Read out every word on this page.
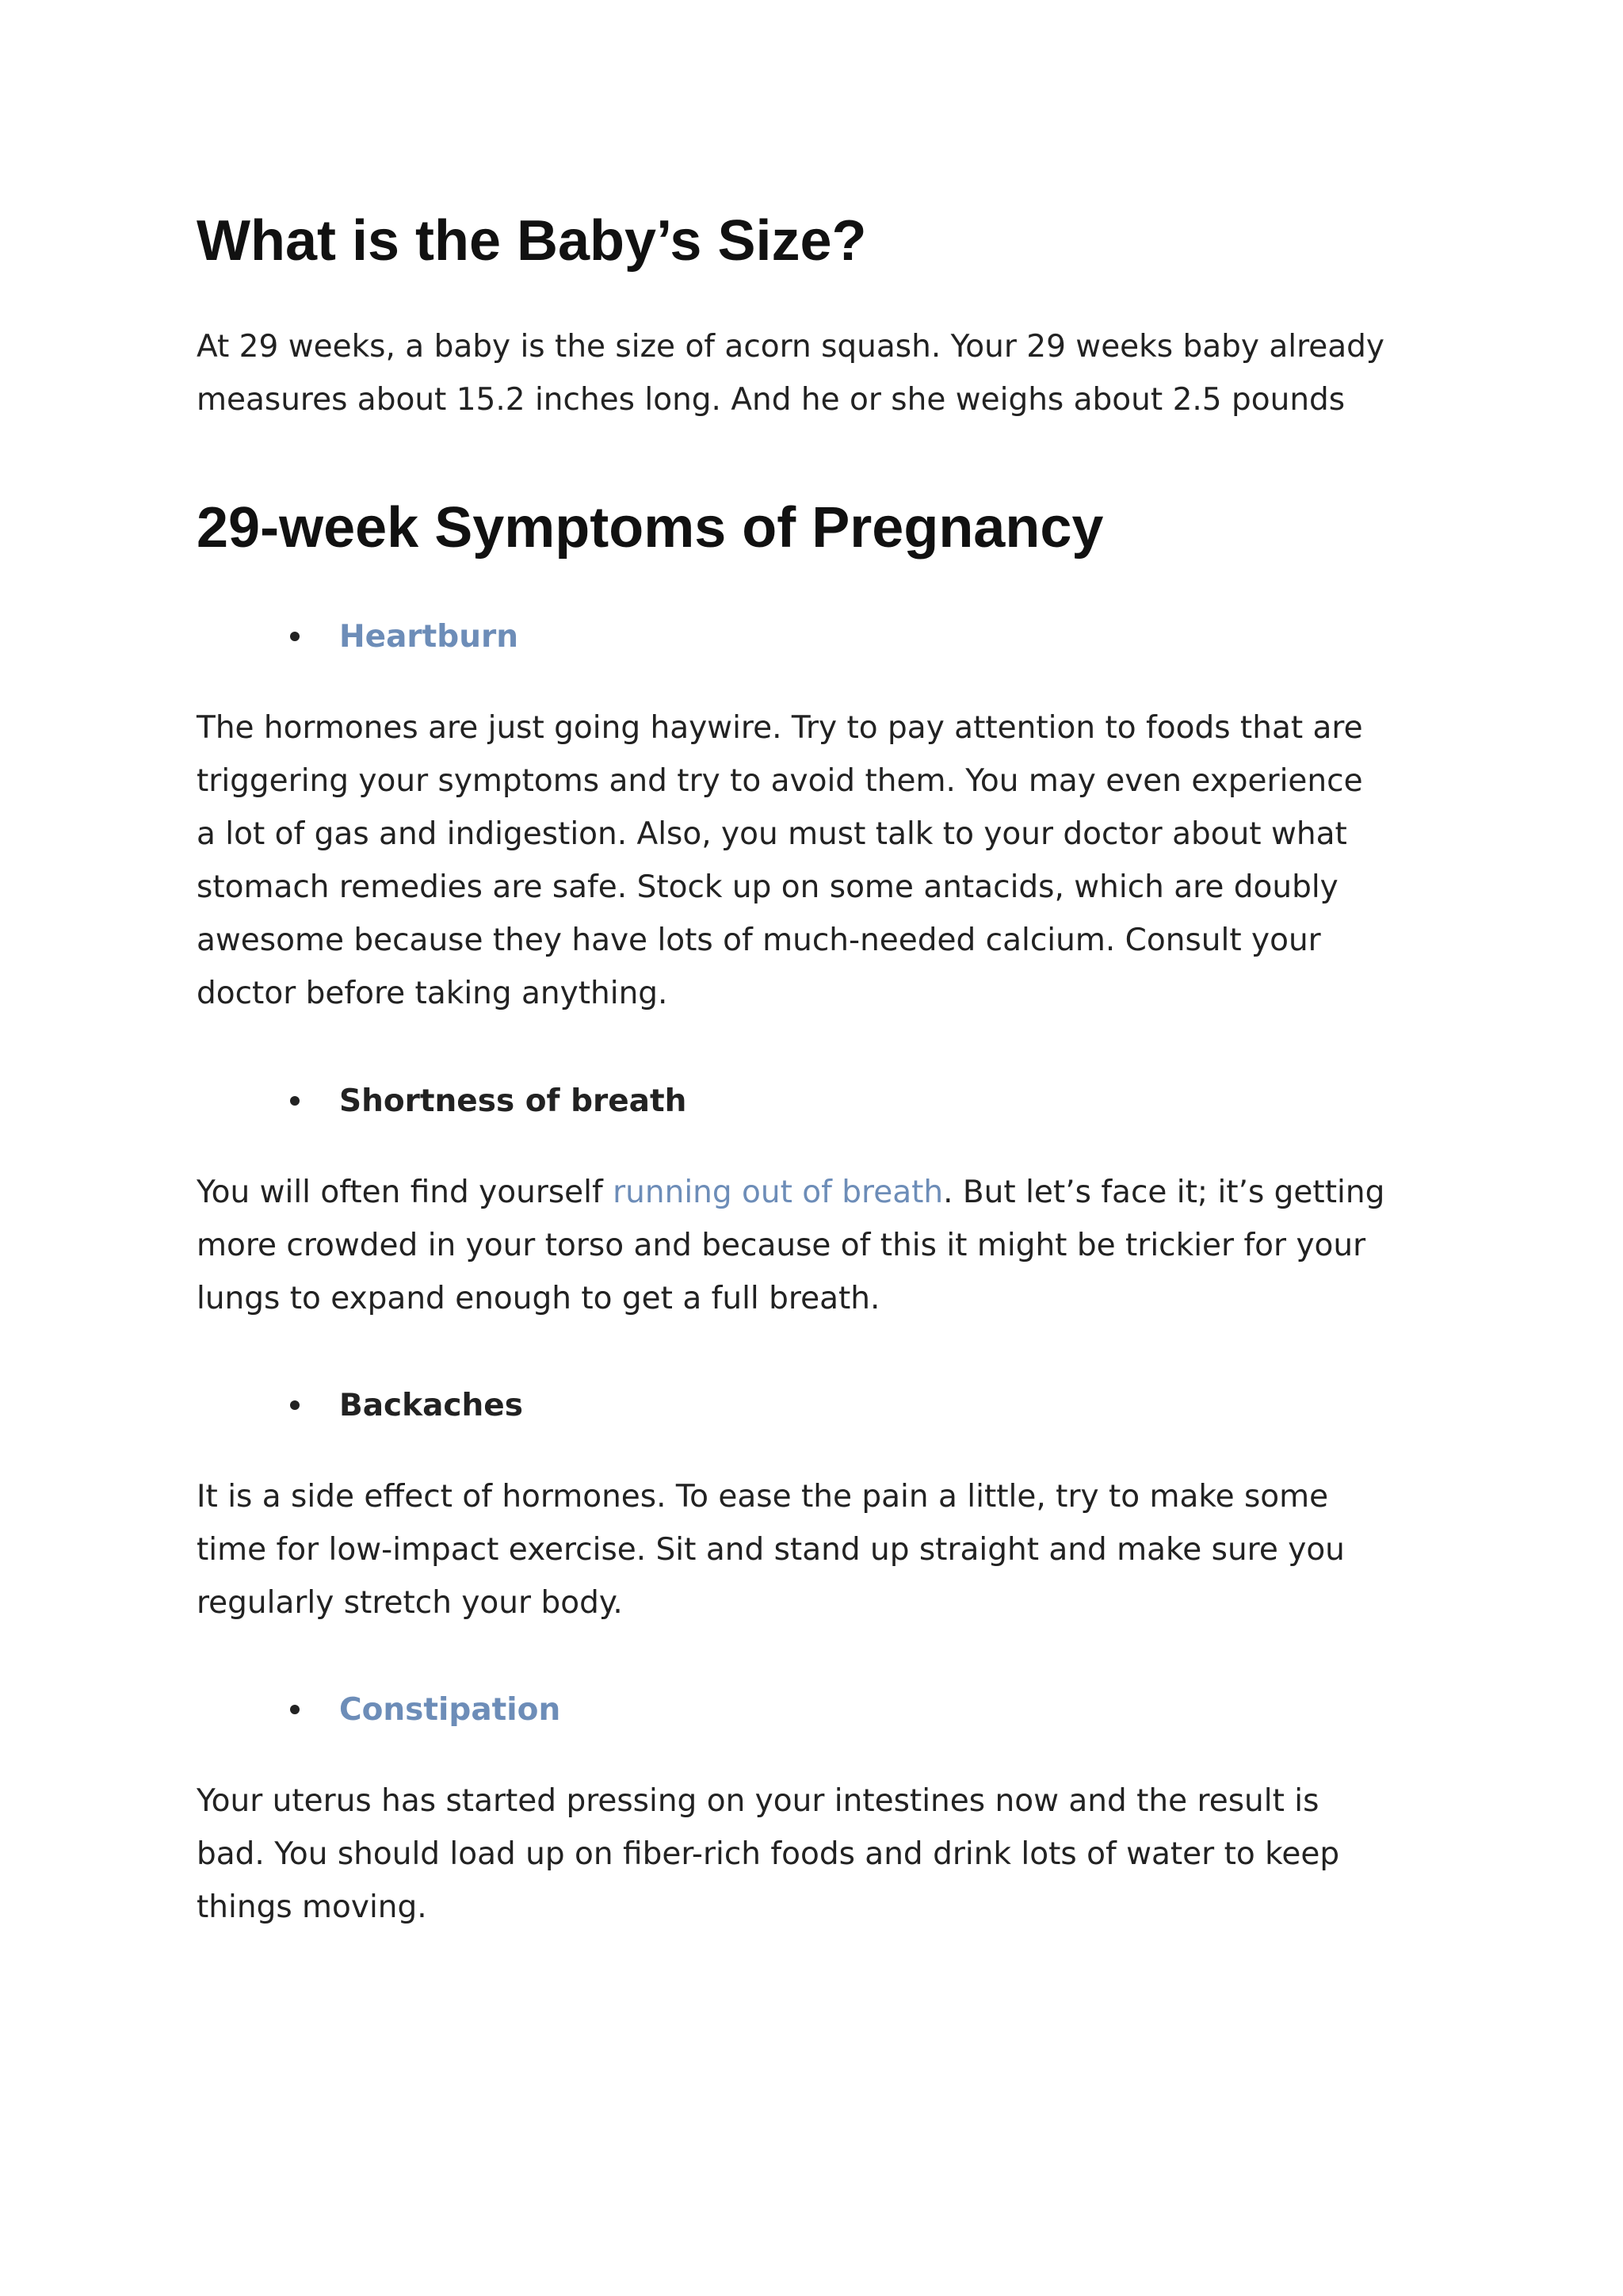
What is the Baby’s Size?

At 29 weeks, a baby is the size of acorn squash. Your 29 weeks baby already
measures about 15.2 inches long. And he or she weighs about 2.5 pounds

29-week Symptoms of Pregnancy
Heartburn

The hormones are just going haywire. Try to pay attention to foods that are
triggering your symptoms and try to avoid them. You may even experience
a lot of gas and indigestion. Also, you must talk to your doctor about what
stomach remedies are safe. Stock up on some antacids, which are doubly
awesome because they have lots of much-needed calcium. Consult your
doctor before taking anything.

Shortness of breath

You will often find yourself running out of breath. But let’s face it; it’s getting
more crowded in your torso and because of this it might be trickier for your
lungs to expand enough to get a full breath.

Backaches

It is a side effect of hormones. To ease the pain a little, try to make some
time for low-impact exercise. Sit and stand up straight and make sure you
regularly stretch your body.

Constipation

Your uterus has started pressing on your intestines now and the result is
bad. You should load up on fiber-rich foods and drink lots of water to keep
things moving.
